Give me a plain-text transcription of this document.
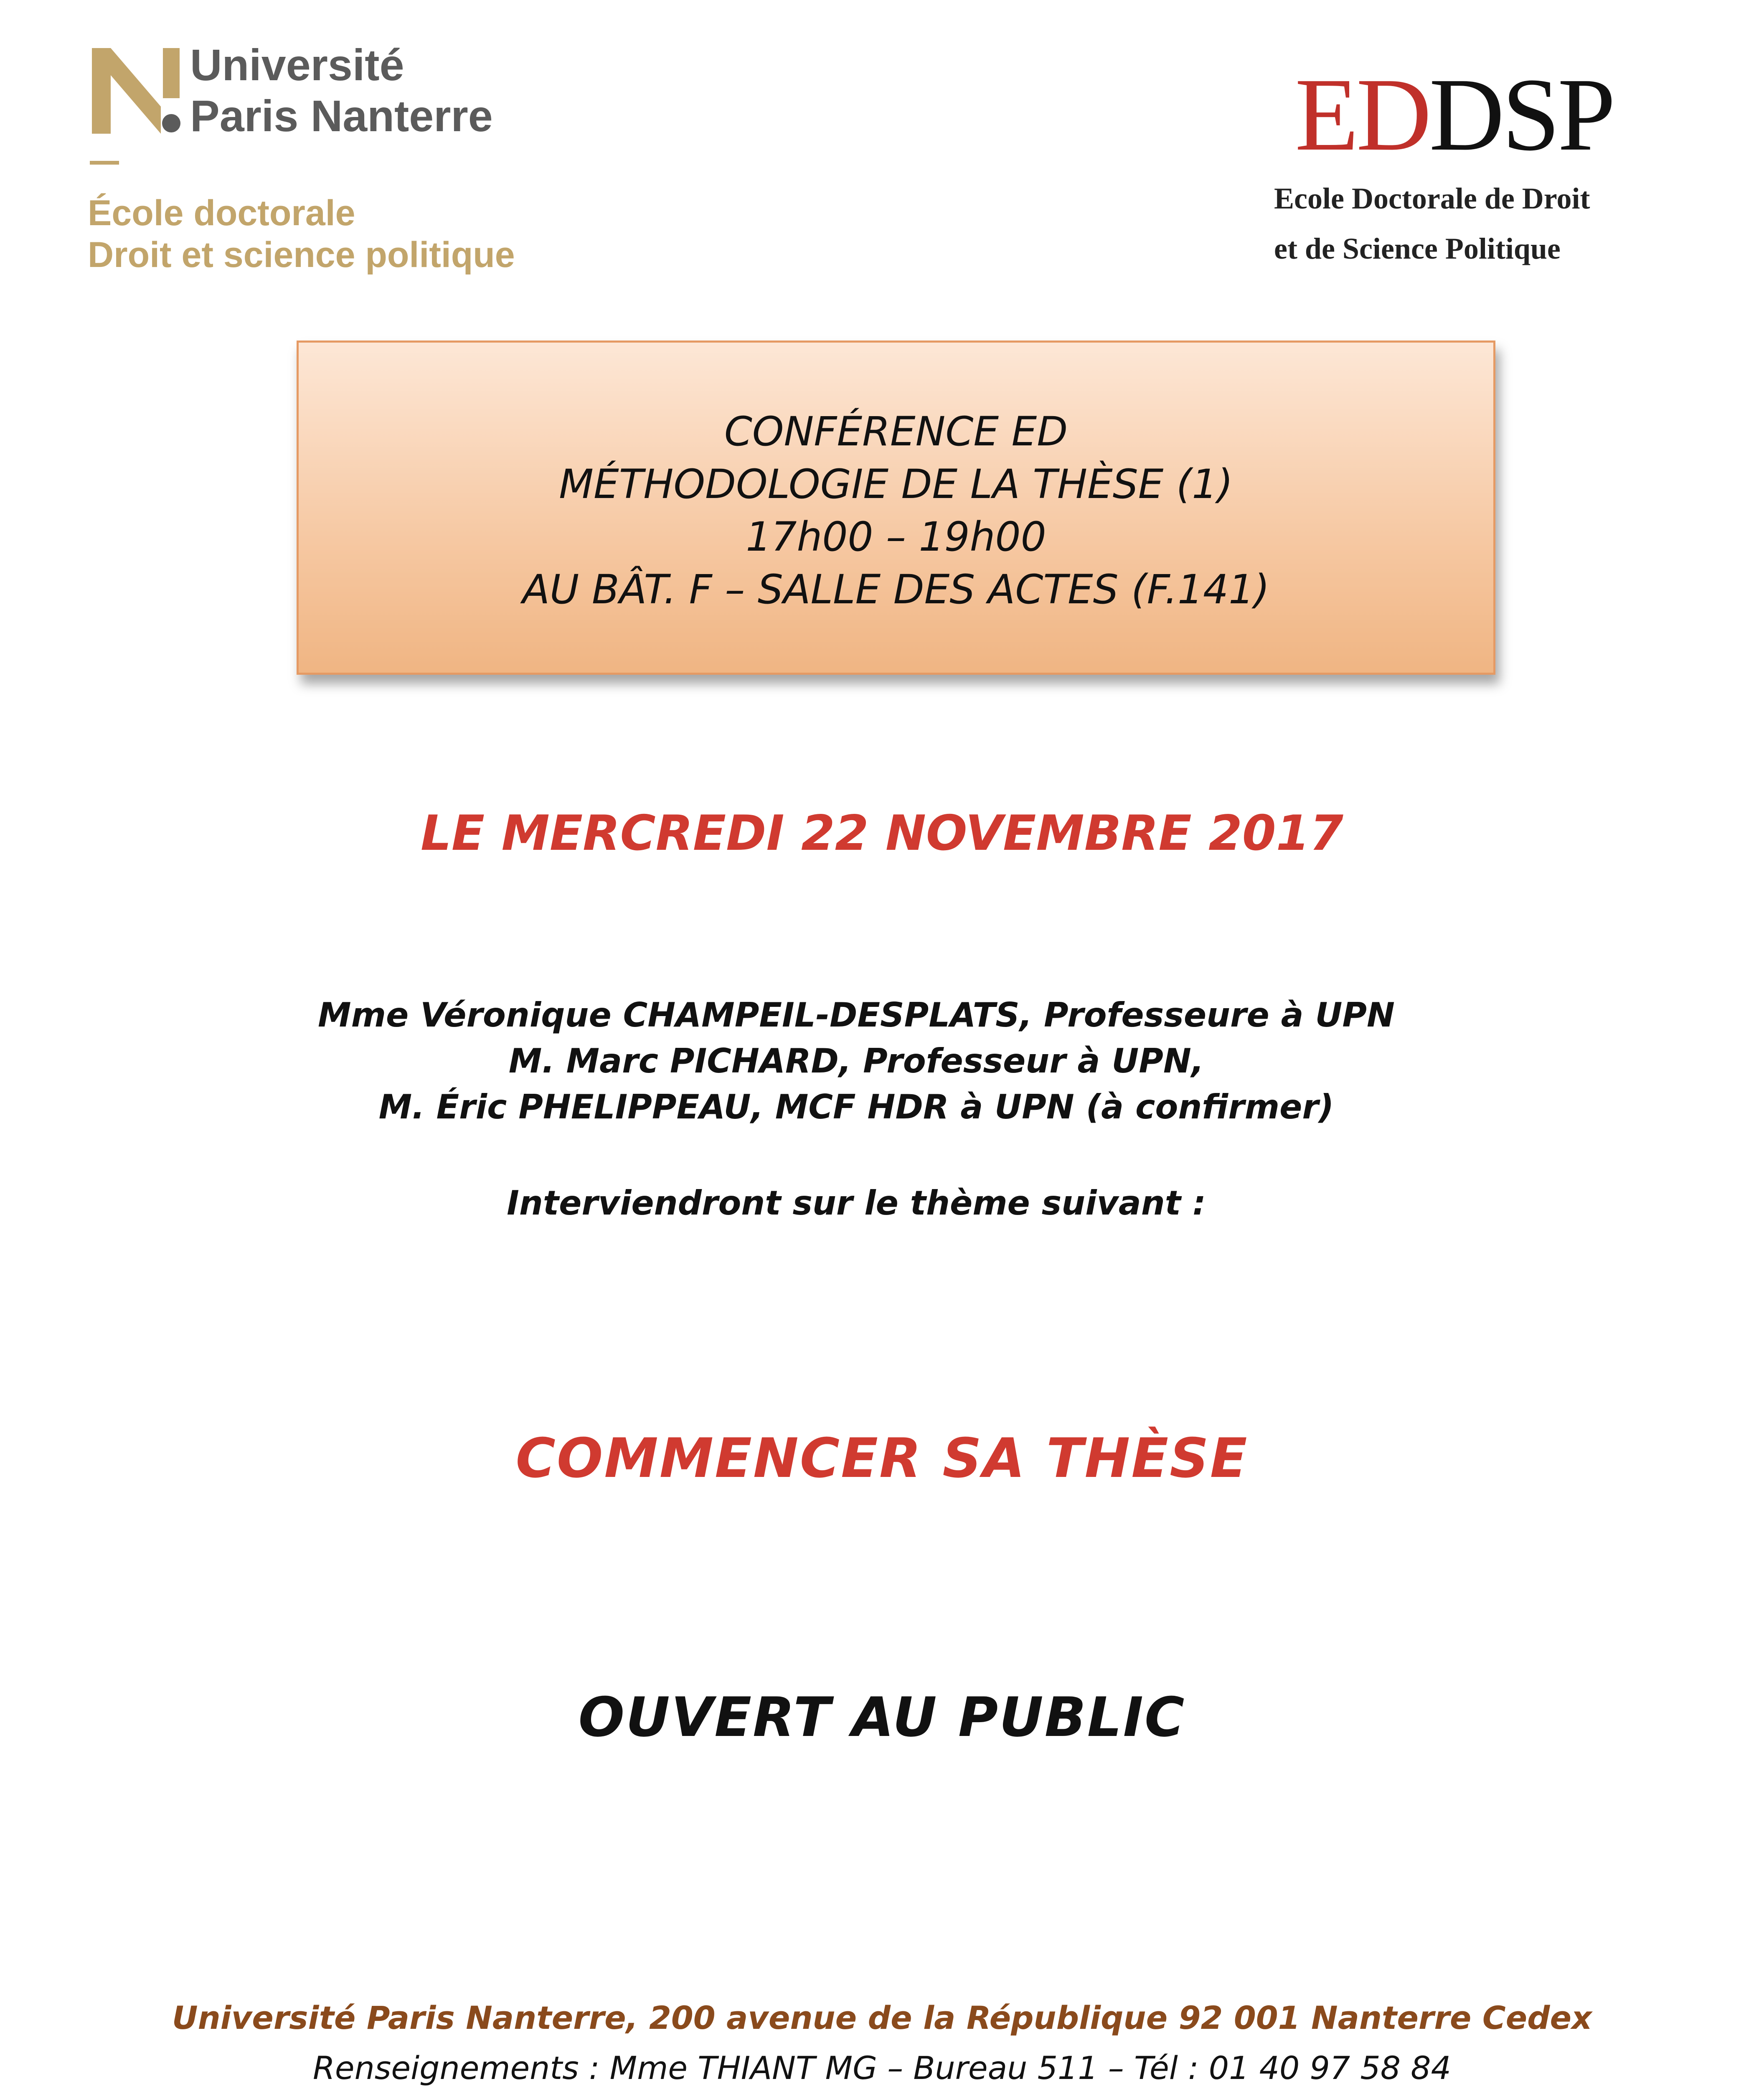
Université
Paris Nanterre
École doctorale
Droit et science politique
EDDSP
Ecole Doctorale de Droit
et de Science Politique
CONFÉRENCE ED
MÉTHODOLOGIE DE LA THÈSE (1)
17h00 – 19h00
AU BÂT. F – SALLE DES ACTES (F.141)
LE MERCREDI 22 NOVEMBRE 2017
Mme Véronique CHAMPEIL-DESPLATS, Professeure à UPN
M. Marc PICHARD, Professeur à UPN,
M. Éric PHELIPPEAU, MCF HDR à UPN (à confirmer)
Interviendront sur le thème suivant :
COMMENCER SA THÈSE
OUVERT AU PUBLIC
Université Paris Nanterre, 200 avenue de la République 92 001 Nanterre Cedex
Renseignements : Mme THIANT MG – Bureau 511 – Tél : 01 40 97 58 84
